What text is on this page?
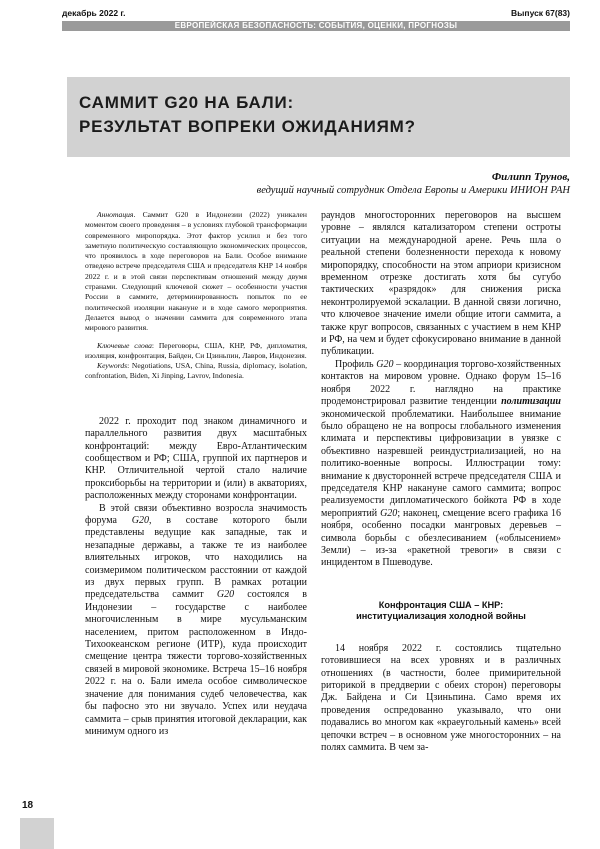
декабрь 2022 г.	Выпуск 67(83)
ЕВРОПЕЙСКАЯ БЕЗОПАСНОСТЬ: СОБЫТИЯ, ОЦЕНКИ, ПРОГНОЗЫ
САММИТ G20 НА БАЛИ:
РЕЗУЛЬТАТ ВОПРЕКИ ОЖИДАНИЯМ?
Филипп Трунов,
ведущий научный сотрудник Отдела Европы и Америки ИНИОН РАН

Аннотация. Саммит G20 в Индонезии (2022) уникален моментом своего проведения – в условиях глубокой трансформации современного миропорядка. Этот фактор усилил и без того заметную политическую составляющую экономических процессов, что проявилось в ходе переговоров на Бали. Особое внимание отведено встрече председателя США и председателя КНР 14 ноября 2022 г. и в этой связи перспективам отношений между двумя странами. Следующий ключевой сюжет – особенности участия России в саммите, детерминированность попыток по ее политической изоляции накануне и в ходе самого мероприятия. Делается вывод о значении саммита для современного этапа мирового развития.

Ключевые слова: Переговоры, США, КНР, РФ, дипломатия, изоляция, конфронтация, Байден, Си Цзиньпин, Лавров, Индонезия.

Keywords: Negotiations, USA, China, Russia, diplomacy, isolation, confrontation, Biden, Xi Jinping, Lavrov, Indonesia.

2022 г. проходит под знаком динамичного и параллельного развития двух масштабных конфронтаций: между Евро-Атлантическим сообществом и РФ; США, группой их партнеров и КНР. Отличительной чертой стало наличие проксиборьбы на территории и (или) в акваториях, расположенных между сторонами конфронтации.

В этой связи объективно возросла значимость форума G20, в составе которого были представлены ведущие как западные, так и незападные державы, а также те из наиболее влиятельных игроков, что находились на соизмеримом политическом расстоянии от каждой из двух первых групп. В рамках ротации председательства саммит G20 состоялся в Индонезии – государстве с наиболее многочисленным в мире мусульманским населением, притом расположенном в Индо-Тихоокеанском регионе (ИТР), куда происходит смещение центра тяжести торгово-хозяйственных связей в мировой экономике. Встреча 15–16 ноября 2022 г. на о. Бали имела особое символическое значение для понимания судеб человечества, как бы пафосно это ни звучало. Успех или неудача саммита – срыв принятия итоговой декларации, как минимум одного из

раундов многосторонних переговоров на высшем уровне – являлся катализатором степени остроты ситуации на международной арене. Речь шла о реальной степени болезненности перехода к новому миропорядку, способности на этом априори кризисном временном отрезке достигать хотя бы сугубо тактических «разрядок» для снижения риска неконтролируемой эскалации. В данной связи логично, что ключевое значение имели общие итоги саммита, а также круг вопросов, связанных с участием в нем КНР и РФ, на чем и будет сфокусировано внимание в данной публикации.

Профиль G20 – координация торгово-хозяйственных контактов на мировом уровне. Однако форум 15–16 ноября 2022 г. наглядно на практике продемонстрировал развитие тенденции политизации экономической проблематики. Наибольшее внимание было обращено не на вопросы глобального изменения климата и перспективы цифровизации в увязке с объективно назревшей реиндустриализацией, но на политико-военные вопросы. Иллюстрации тому: внимание к двусторонней встрече председателя США и председателя КНР накануне самого саммита; вопрос реализуемости дипломатического бойкота РФ в ходе мероприятий G20; наконец, смещение всего графика 16 ноября, особенно посадки мангровых деревьев – символа борьбы с обезлесиванием («облысением» Земли) – из-за «ракетной тревоги» в связи с инцидентом в Пшеводуве.

Конфронтация США – КНР:
институциализация холодной войны

14 ноября 2022 г. состоялись тщательно готовившиеся на всех уровнях и в различных отношениях (в частности, более примирительной риторикой в преддверии с обеих сторон) переговоры Дж. Байдена и Си Цзиньпина. Само время их проведения оспредованно указывало, что они подавались во многом как «краеугольный камень» всей цепочки встреч – в основном уже многосторонних – на полях саммита. В чем за-

18
